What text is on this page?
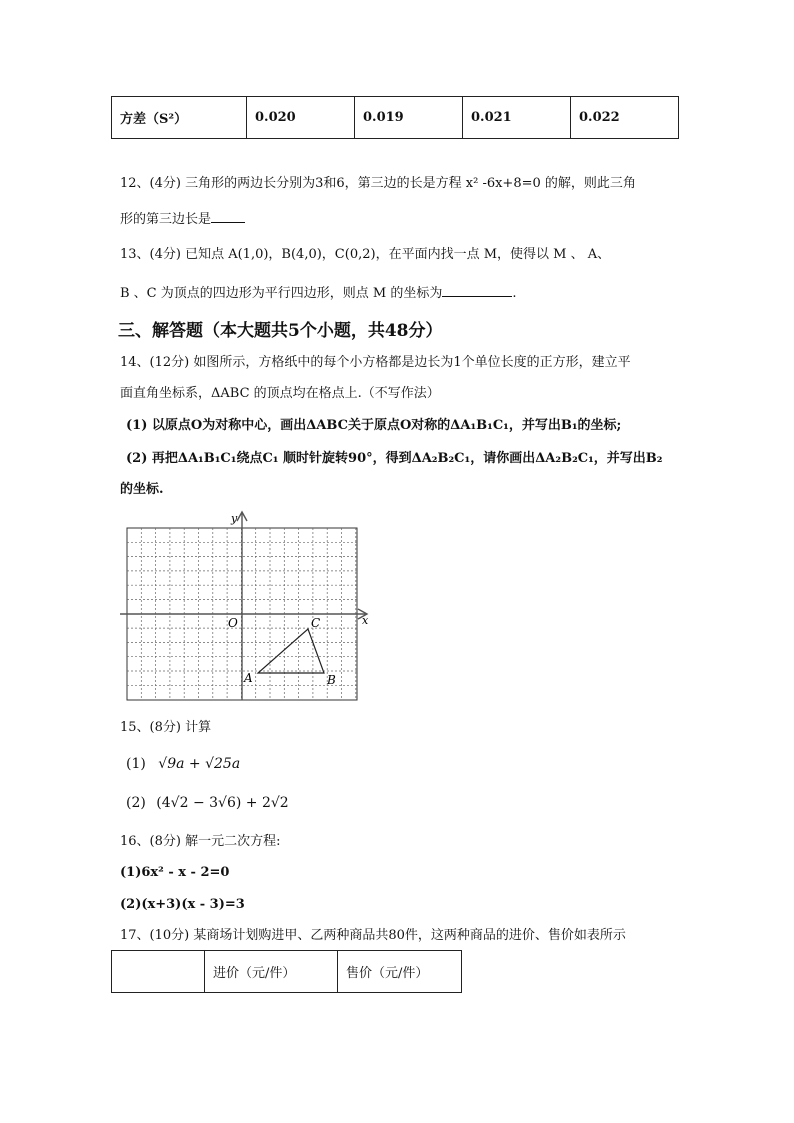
方差（S²）	0.020	0.019	0.021	0.022
12、(4分) 三角形的两边长分别为3和6，第三边的长是方程 x² -6x+8=0 的解，则此三角
形的第三边长是
13、(4分) 已知点 A(1,0)，B(4,0)，C(0,2)，在平面内找一点 M，使得以 M 、 A、
B 、C 为顶点的四边形为平行四边形，则点 M 的坐标为	.
三、解答题（本大题共5个小题，共48分）
14、(12分) 如图所示，方格纸中的每个小方格都是边长为1个单位长度的正方形，建立平
面直角坐标系，ΔABC 的顶点均在格点上.（不写作法）
(1) 以原点O为对称中心，画出ΔABC关于原点O对称的ΔA₁B₁C₁，并写出B₁的坐标;
(2) 再把ΔA₁B₁C₁绕点C₁ 顺时针旋转90°，得到ΔA₂B₂C₁，请你画出ΔA₂B₂C₁，并写出B₂
的坐标.
x
y
O
A	B
C
15、(8分) 计算
(1) √9a + √25a
(2) (4√2 − 3√6) + 2√2
16、(8分) 解一元二次方程:
(1)6x² - x - 2=0
(2)(x+3)(x - 3)=3
17、(10分) 某商场计划购进甲、乙两种商品共80件，这两种商品的进价、售价如表所示
	进价（元/件）	售价（元/件）
